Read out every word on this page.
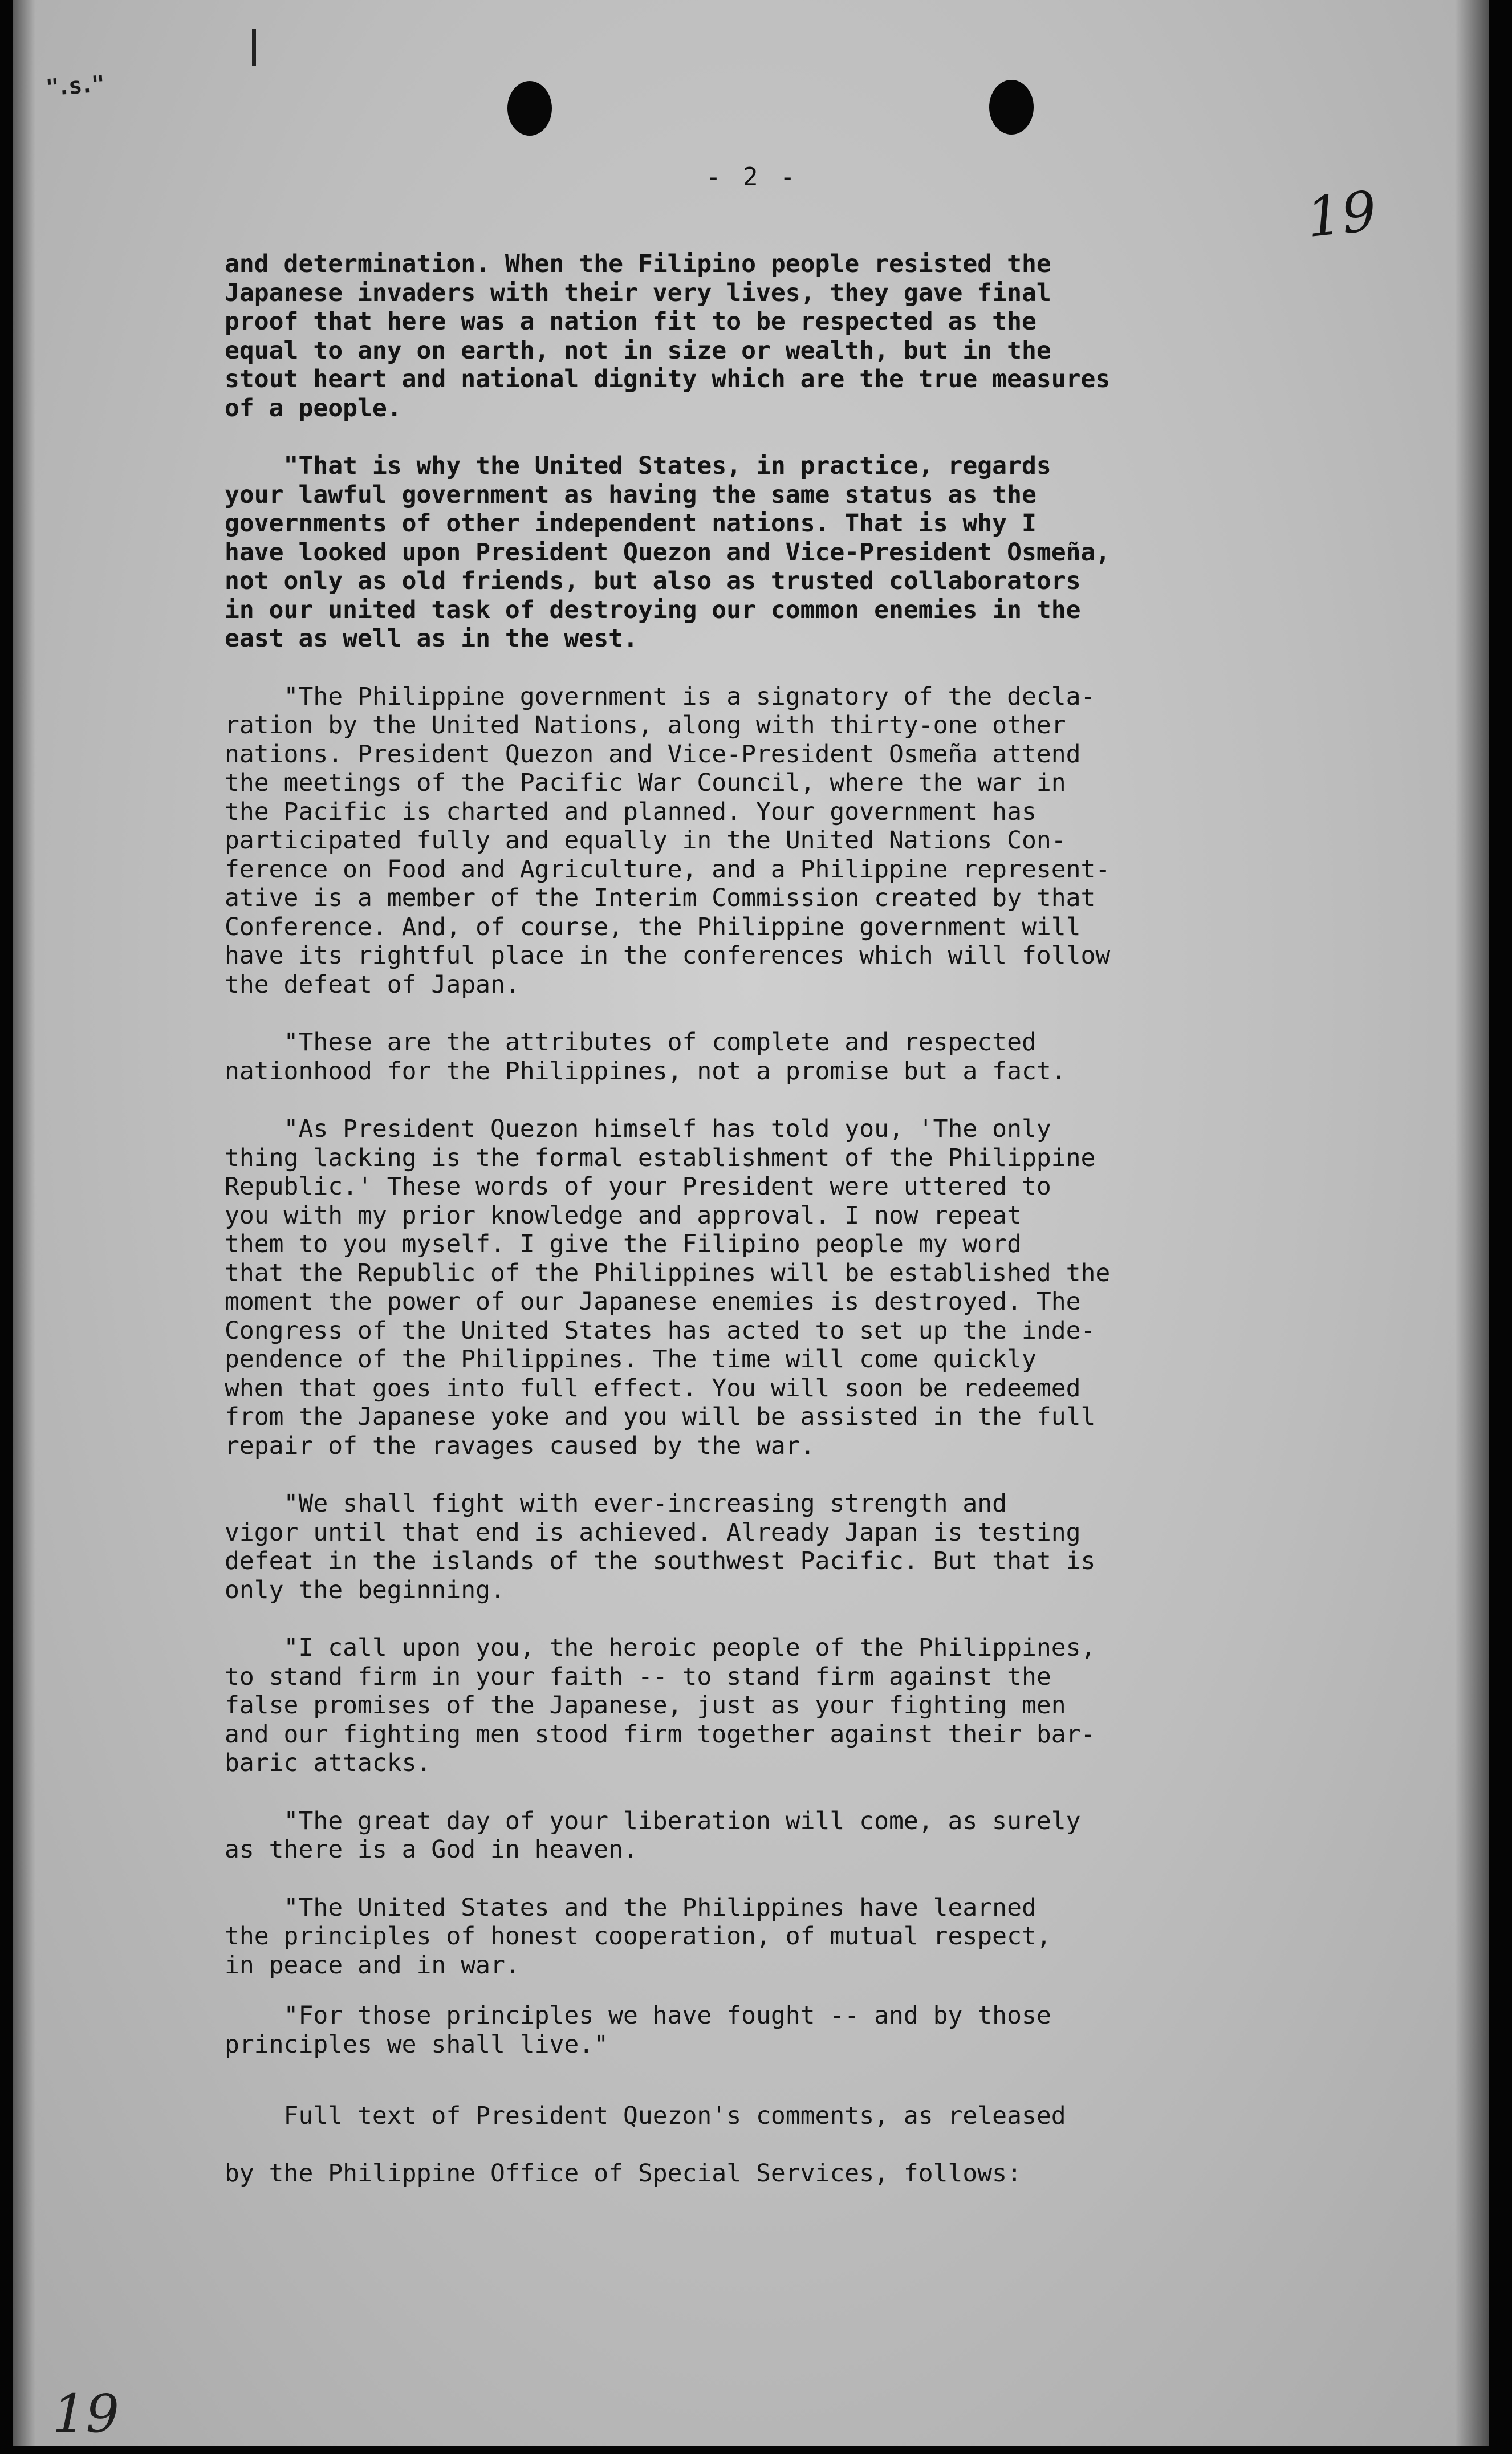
".s."
- 2 -
19
and determination. When the Filipino people resisted the
Japanese invaders with their very lives, they gave final
proof that here was a nation fit to be respected as the
equal to any on earth, not in size or wealth, but in the
stout heart and national dignity which are the true measures
of a people.
"That is why the United States, in practice, regards
your lawful government as having the same status as the
governments of other independent nations. That is why I
have looked upon President Quezon and Vice-President Osmeña,
not only as old friends, but also as trusted collaborators
in our united task of destroying our common enemies in the
east as well as in the west.
"The Philippine government is a signatory of the decla-
ration by the United Nations, along with thirty-one other
nations. President Quezon and Vice-President Osmeña attend
the meetings of the Pacific War Council, where the war in
the Pacific is charted and planned. Your government has
participated fully and equally in the United Nations Con-
ference on Food and Agriculture, and a Philippine represent-
ative is a member of the Interim Commission created by that
Conference. And, of course, the Philippine government will
have its rightful place in the conferences which will follow
the defeat of Japan.
"These are the attributes of complete and respected
nationhood for the Philippines, not a promise but a fact.
"As President Quezon himself has told you, 'The only
thing lacking is the formal establishment of the Philippine
Republic.' These words of your President were uttered to
you with my prior knowledge and approval. I now repeat
them to you myself. I give the Filipino people my word
that the Republic of the Philippines will be established the
moment the power of our Japanese enemies is destroyed. The
Congress of the United States has acted to set up the inde-
pendence of the Philippines. The time will come quickly
when that goes into full effect. You will soon be redeemed
from the Japanese yoke and you will be assisted in the full
repair of the ravages caused by the war.
"We shall fight with ever-increasing strength and
vigor until that end is achieved. Already Japan is testing
defeat in the islands of the southwest Pacific. But that is
only the beginning.
"I call upon you, the heroic people of the Philippines,
to stand firm in your faith -- to stand firm against the
false promises of the Japanese, just as your fighting men
and our fighting men stood firm together against their bar-
baric attacks.
"The great day of your liberation will come, as surely
as there is a God in heaven.
"The United States and the Philippines have learned
the principles of honest cooperation, of mutual respect,
in peace and in war.
"For those principles we have fought -- and by those
principles we shall live."
Full text of President Quezon's comments, as released
by the Philippine Office of Special Services, follows:
19
